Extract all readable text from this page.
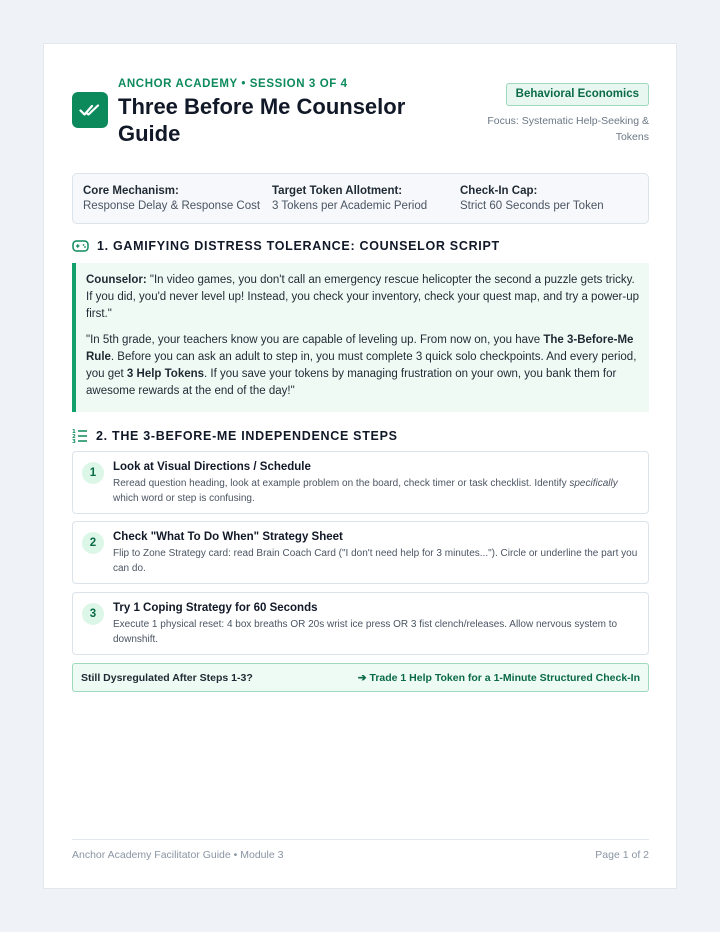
ANCHOR ACADEMY • SESSION 3 OF 4
Three Before Me Counselor Guide
Behavioral Economics
Focus: Systematic Help-Seeking & Tokens
Core Mechanism:
Response Delay & Response Cost
Target Token Allotment:
3 Tokens per Academic Period
Check-In Cap:
Strict 60 Seconds per Token
1. GAMIFYING DISTRESS TOLERANCE: COUNSELOR SCRIPT

Counselor: "In video games, you don't call an emergency rescue helicopter the second a puzzle gets tricky. If you did, you'd never level up! Instead, you check your inventory, check your quest map, and try a power-up first."

"In 5th grade, your teachers know you are capable of leveling up. From now on, you have The 3-Before-Me Rule. Before you can ask an adult to step in, you must complete 3 quick solo checkpoints. And every period, you get 3 Help Tokens. If you save your tokens by managing frustration on your own, you bank them for awesome rewards at the end of the day!"

1
2
3 2. THE 3-BEFORE-ME INDEPENDENCE STEPS
1	Look at Visual Directions / Schedule
Reread question heading, look at example problem on the board, check timer or task checklist. Identify specifically which word or step is confusing.
2	Check "What To Do When" Strategy Sheet
Flip to Zone Strategy card: read Brain Coach Card ("I don't need help for 3 minutes..."). Circle or underline the part you can do.
3	Try 1 Coping Strategy for 60 Seconds
Execute 1 physical reset: 4 box breaths OR 20s wrist ice press OR 3 fist clench/releases. Allow nervous system to downshift.
Still Dysregulated After Steps 1-3?	➔ Trade 1 Help Token for a 1-Minute Structured Check-In
Anchor Academy Facilitator Guide • Module 3	Page 1 of 2
